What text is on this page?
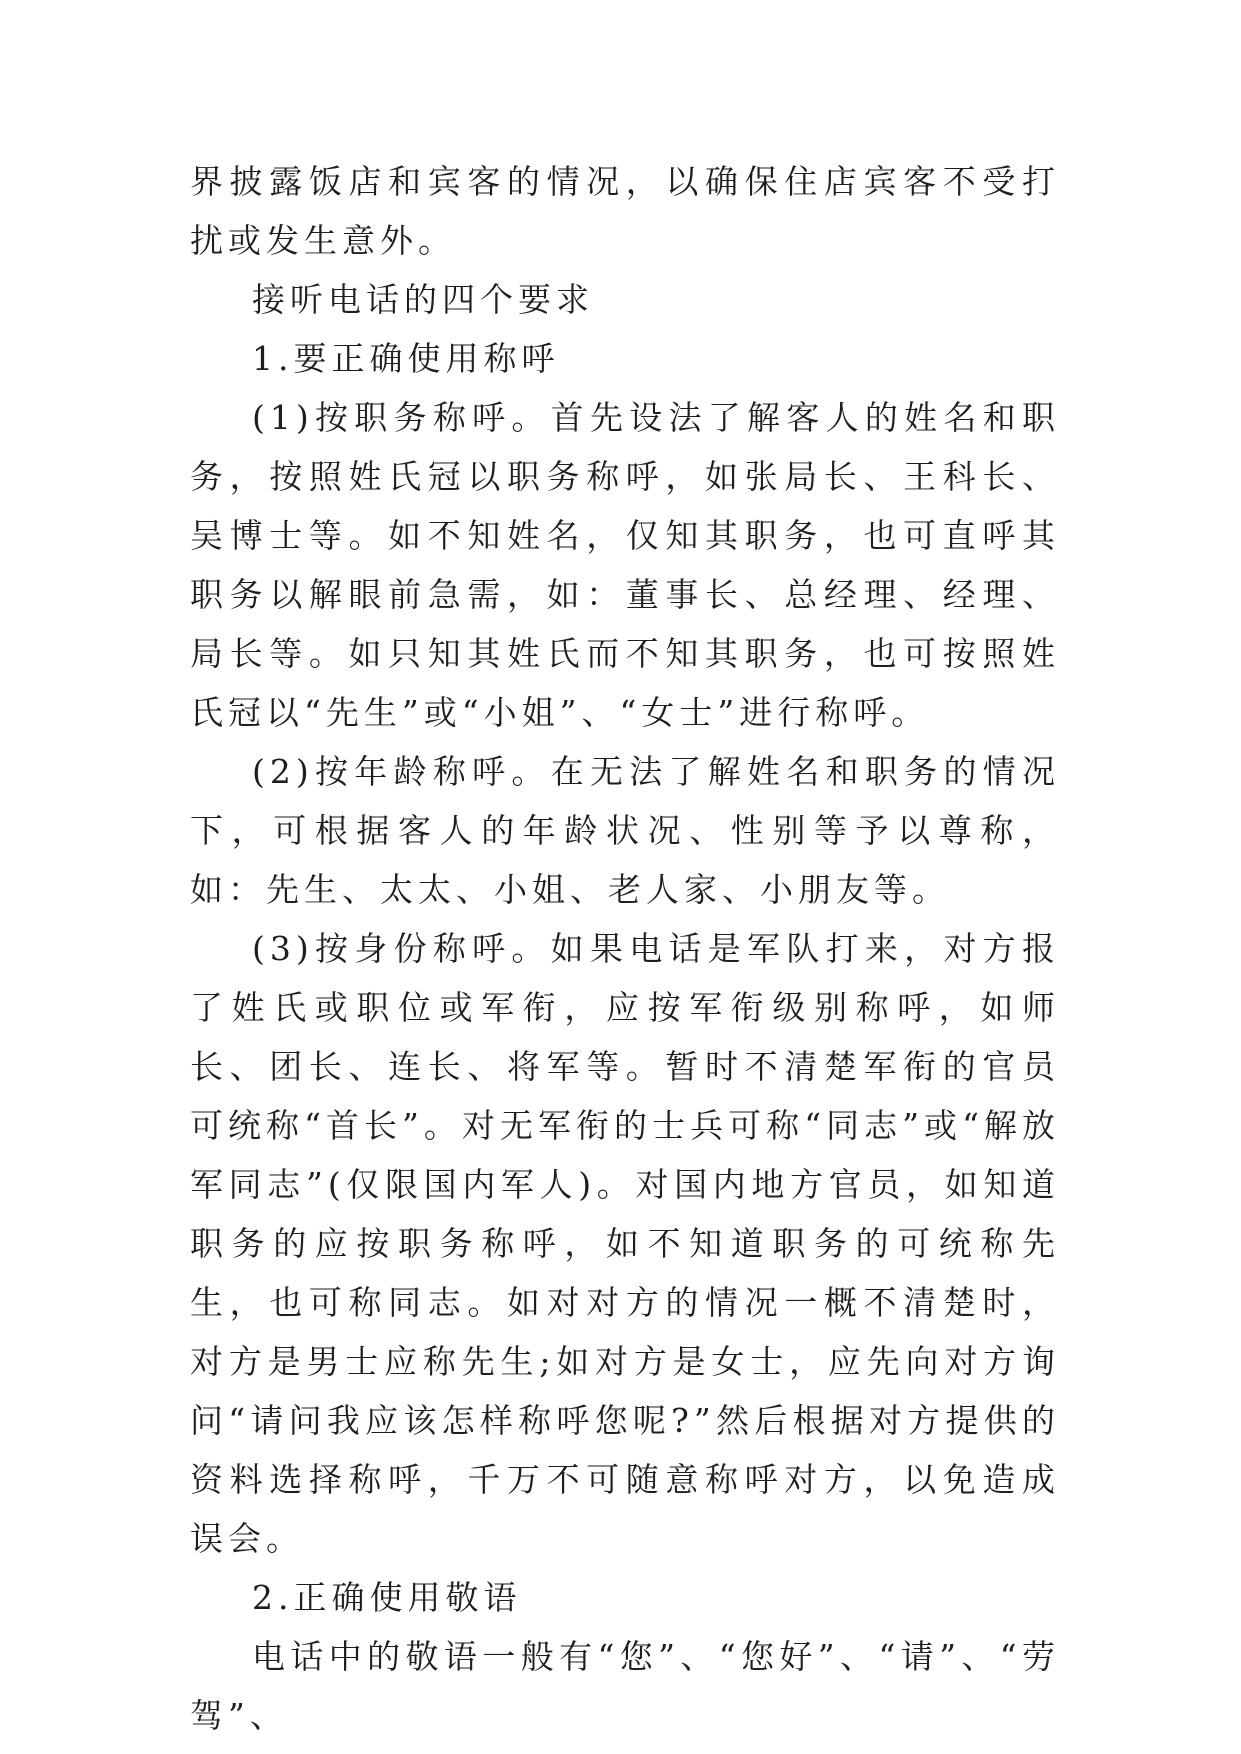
界披露饭店和宾客的情况，以确保住店宾客不受打扰或发生意外。

接听电话的四个要求

1.要正确使用称呼

(1)按职务称呼。首先设法了解客人的姓名和职务，按照姓氏冠以职务称呼，如张局长、王科长、吴博士等。如不知姓名，仅知其职务，也可直呼其职务以解眼前急需，如：董事长、总经理、经理、局长等。如只知其姓氏而不知其职务，也可按照姓氏冠以“先生”或“小姐”、“女士”进行称呼。

(2)按年龄称呼。在无法了解姓名和职务的情况下，可根据客人的年龄状况、性别等予以尊称，如：先生、太太、小姐、老人家、小朋友等。

(3)按身份称呼。如果电话是军队打来，对方报了姓氏或职位或军衔，应按军衔级别称呼，如师长、团长、连长、将军等。暂时不清楚军衔的官员可统称“首长”。对无军衔的士兵可称“同志”或“解放军同志”(仅限国内军人)。对国内地方官员，如知道职务的应按职务称呼，如不知道职务的可统称先生，也可称同志。如对对方的情况一概不清楚时，对方是男士应称先生;如对方是女士，应先向对方询问“请问我应该怎样称呼您呢?”然后根据对方提供的资料选择称呼，千万不可随意称呼对方，以免造成误会。

2.正确使用敬语

电话中的敬语一般有“您”、“您好”、“请”、“劳驾”、
